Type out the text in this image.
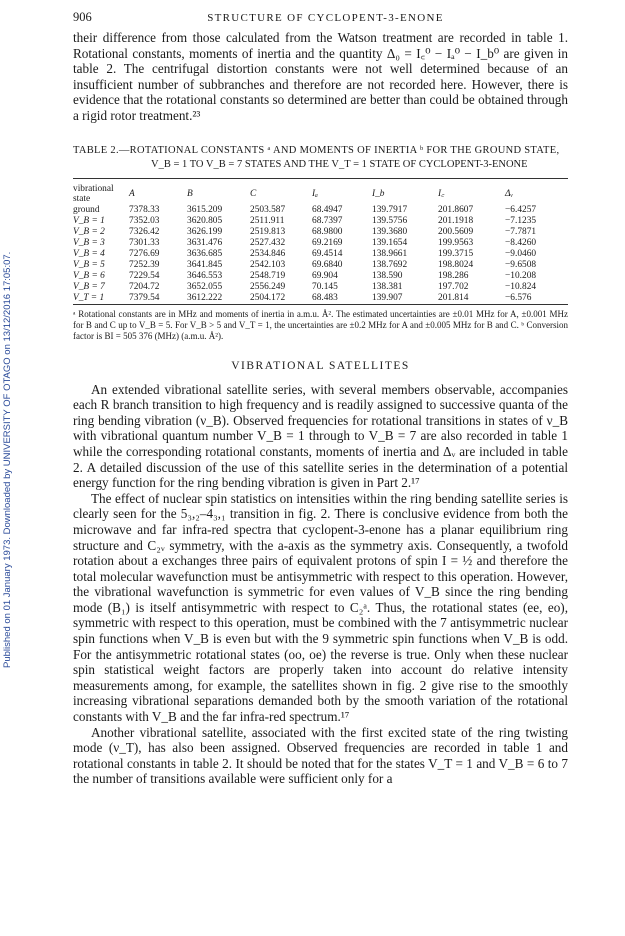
Published on 01 January 1973. Downloaded by UNIVERSITY OF OTAGO on 13/12/2016 17:05:07.
906	STRUCTURE OF CYCLOPENT-3-ENONE

their difference from those calculated from the Watson treatment are recorded in table 1. Rotational constants, moments of inertia and the quantity Δ₀ = I꜀⁰ − Iₐ⁰ − I_b⁰ are given in table 2. The centrifugal distortion constants were not well determined because of an insufficient number of subbranches and therefore are not recorded here. However, there is evidence that the rotational constants so determined are better than could be obtained through a rigid rotor treatment.²³

TABLE 2.—ROTATIONAL CONSTANTS ᵃ AND MOMENTS OF INERTIA ᵇ FOR THE GROUND STATE,
V_B = 1 TO V_B = 7 STATES AND THE V_T = 1 STATE OF CYCLOPENT-3-ENONE
vibrational state	A	B	C	Iₐ	I_b	I꜀	Δᵥ
ground	7378.33	3615.209	2503.587	68.4947	139.7917	201.8607	−6.4257
V_B = 1	7352.03	3620.805	2511.911	68.7397	139.5756	201.1918	−7.1235
V_B = 2	7326.42	3626.199	2519.813	68.9800	139.3680	200.5609	−7.7871
V_B = 3	7301.33	3631.476	2527.432	69.2169	139.1654	199.9563	−8.4260
V_B = 4	7276.69	3636.685	2534.846	69.4514	138.9661	199.3715	−9.0460
V_B = 5	7252.39	3641.845	2542.103	69.6840	138.7692	198.8024	−9.6508
V_B = 6	7229.54	3646.553	2548.719	69.904	138.590	198.286	−10.208
V_B = 7	7204.72	3652.055	2556.249	70.145	138.381	197.702	−10.824
V_T = 1	7379.54	3612.222	2504.172	68.483	139.907	201.814	−6.576

ᵃ Rotational constants are in MHz and moments of inertia in a.m.u. Å². The estimated uncertainties are ±0.01 MHz for A, ±0.001 MHz for B and C up to V_B = 5. For V_B > 5 and V_T = 1, the uncertainties are ±0.2 MHz for A and ±0.005 MHz for B and C. ᵇ Conversion factor is BI = 505 376 (MHz) (a.m.u. Å²).

VIBRATIONAL SATELLITES

An extended vibrational satellite series, with several members observable, accompanies each R branch transition to high frequency and is readily assigned to successive quanta of the ring bending vibration (ν_B). Observed frequencies for rotational transitions in states of ν_B with vibrational quantum number V_B = 1 through to V_B = 7 are also recorded in table 1 while the corresponding rotational constants, moments of inertia and Δᵥ are included in table 2. A detailed discussion of the use of this satellite series in the determination of a potential energy function for the ring bending vibration is given in Part 2.¹⁷

The effect of nuclear spin statistics on intensities within the ring bending satellite series is clearly seen for the 5₃,₂–4₃,₁ transition in fig. 2. There is conclusive evidence from both the microwave and far infra-red spectra that cyclopent-3-enone has a planar equilibrium ring structure and C₂ᵥ symmetry, with the a-axis as the symmetry axis. Consequently, a twofold rotation about a exchanges three pairs of equivalent protons of spin I = ½ and therefore the total molecular wavefunction must be antisymmetric with respect to this operation. However, the vibrational wavefunction is symmetric for even values of V_B since the ring bending mode (B₁) is itself antisymmetric with respect to C₂ᵃ. Thus, the rotational states (ee, eo), symmetric with respect to this operation, must be combined with the 7 antisymmetric nuclear spin functions when V_B is even but with the 9 symmetric spin functions when V_B is odd. For the antisymmetric rotational states (oo, oe) the reverse is true. Only when these nuclear spin statistical weight factors are properly taken into account do relative intensity measurements among, for example, the satellites shown in fig. 2 give rise to the smoothly increasing vibrational separations demanded both by the smooth variation of the rotational constants with V_B and the far infra-red spectrum.¹⁷

Another vibrational satellite, associated with the first excited state of the ring twisting mode (ν_T), has also been assigned. Observed frequencies are recorded in table 1 and rotational constants in table 2. It should be noted that for the states V_T = 1 and V_B = 6 to 7 the number of transitions available were sufficient only for a
